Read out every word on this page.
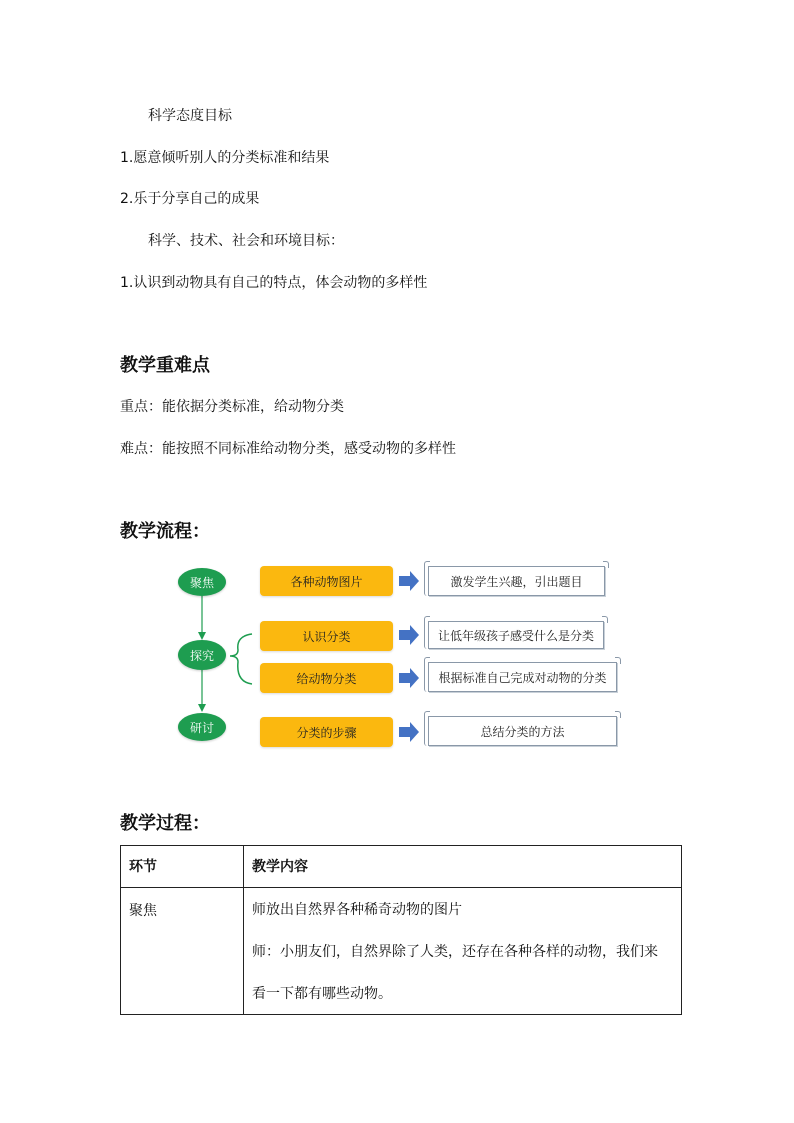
科学态度目标
1.愿意倾听别人的分类标准和结果
2.乐于分享自己的成果
科学、技术、社会和环境目标：
1.认识到动物具有自己的特点，体会动物的多样性
教学重难点
重点：能依据分类标准，给动物分类
难点：能按照不同标准给动物分类，感受动物的多样性
教学流程：
聚焦
探究
研讨
各种动物图片
认识分类
给动物分类
分类的步骤
激发学生兴趣，引出题目
让低年级孩子感受什么是分类
根据标准自己完成对动物的分类
总结分类的方法
教学过程：
环节	教学内容

聚焦	师放出自然界各种稀奇动物的图片
师：小朋友们，自然界除了人类，还存在各种各样的动物，我们来
看一下都有哪些动物。
